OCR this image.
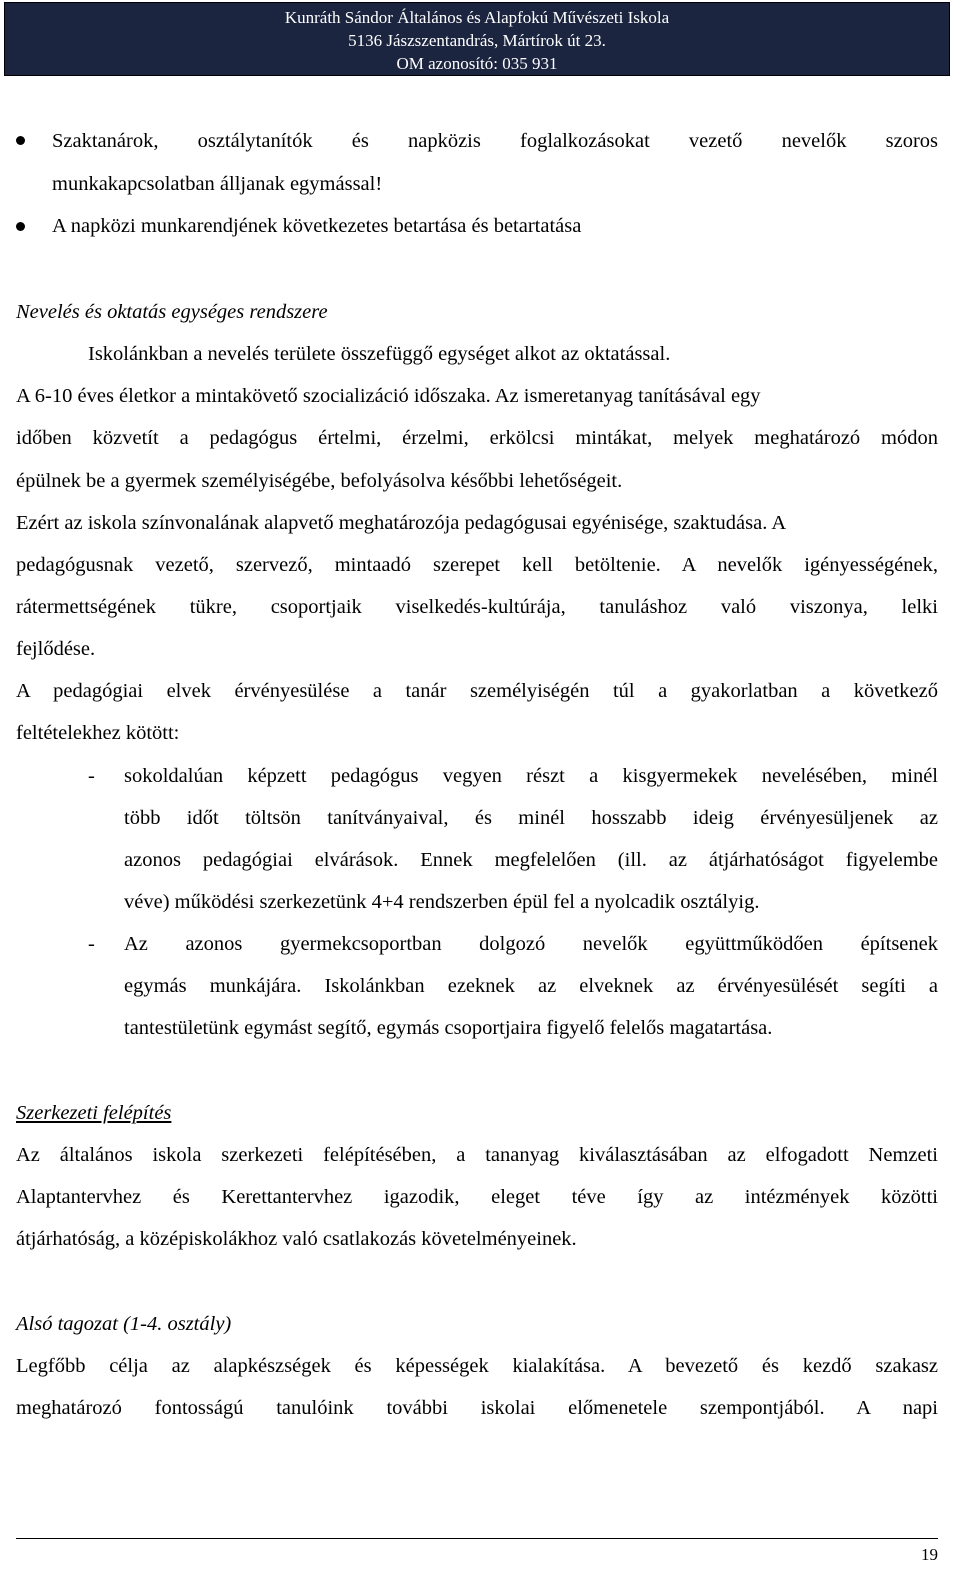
Kunráth Sándor Általános és Alapfokú Művészeti Iskola
5136 Jászszentandrás, Mártírok út 23.
OM azonosító: 035 931
Szaktanárok, osztálytanítók és napközis foglalkozásokat vezető nevelők szoros
munkakapcsolatban álljanak egymással!
A napközi munkarendjének következetes betartása és betartatása
Nevelés és oktatás egységes rendszere
Iskolánkban a nevelés területe összefüggő egységet alkot az oktatással.
A 6-10 éves életkor a mintakövető szocializáció időszaka. Az ismeretanyag tanításával egy
időben közvetít a pedagógus értelmi, érzelmi, erkölcsi mintákat, melyek meghatározó módon
épülnek be a gyermek személyiségébe, befolyásolva későbbi lehetőségeit.
Ezért az iskola színvonalának alapvető meghatározója pedagógusai egyénisége, szaktudása. A
pedagógusnak vezető, szervező, mintaadó szerepet kell betöltenie. A nevelők igényességének,
rátermettségének tükre, csoportjaik viselkedés-kultúrája, tanuláshoz való viszonya, lelki
fejlődése.
A pedagógiai elvek érvényesülése a tanár személyiségén túl a gyakorlatban a következő
feltételekhez kötött:
-	sokoldalúan képzett pedagógus vegyen részt a kisgyermekek nevelésében, minél
több időt töltsön tanítványaival, és minél hosszabb ideig érvényesüljenek az
azonos pedagógiai elvárások. Ennek megfelelően (ill. az átjárhatóságot figyelembe
véve) működési szerkezetünk 4+4 rendszerben épül fel a nyolcadik osztályig.
-	Az azonos gyermekcsoportban dolgozó nevelők együttműködően építsenek
egymás munkájára. Iskolánkban ezeknek az elveknek az érvényesülését segíti a
tantestületünk egymást segítő, egymás csoportjaira figyelő felelős magatartása.
Szerkezeti felépítés
Az általános iskola szerkezeti felépítésében, a tananyag kiválasztásában az elfogadott Nemzeti
Alaptantervhez és Kerettantervhez igazodik, eleget téve így az intézmények közötti
átjárhatóság, a középiskolákhoz való csatlakozás követelményeinek.
Alsó tagozat (1-4. osztály)
Legfőbb célja az alapkészségek és képességek kialakítása. A bevezető és kezdő szakasz
meghatározó fontosságú tanulóink további iskolai előmenetele szempontjából. A napi
19
